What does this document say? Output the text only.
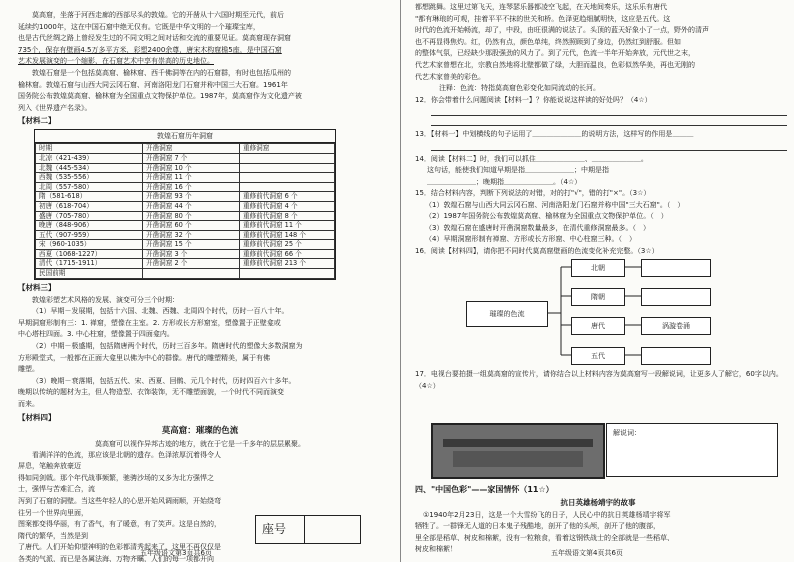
莫高窟，坐落于河西走廊的西部尽头的敦煌。它的开凿从十六国时期至元代，前后
延续约1000年，这在中国石窟中绝无仅有。它既是中华文明的一个璀璨宝库，
也是古代丝绸之路上曾经发生过的不同文明之间对话和交流的重要见证。莫高窟现存洞窟
735个，保存有壁画4.5万多平方米，彩塑2400余尊，唐宋木构窟檐5座，是中国石窟
艺术发展演变的一个缩影，在石窟艺术中享有崇高的历史地位。
敦煌石窟是一个包括莫高窟、榆林窟、西千佛洞等在内的石窟群，有时也包括瓜州的
榆林窟。敦煌石窟与山西大同云冈石窟、河南洛阳龙门石窟并称中国三大石窟。1961年
国务院公布敦煌莫高窟、榆林窟为全国重点文物保护单位。1987年，莫高窟作为文化遗产被
列入《世界遗产名录》。
【材料二】
敦煌石窟历年洞窟
时期	开凿洞窟	重修洞窟
北凉（421-439）	开凿洞窟 7 个	
北魏（445-534）	开凿洞窟 10 个	
西魏（535-556）	开凿洞窟 11 个	
北周（557-580）	开凿洞窟 16 个	
隋（581-618）	开凿洞窟 93 个	重修前代洞窟 6 个
初唐（618-704）	开凿洞窟 44 个	重修前代洞窟 4 个
盛唐（705-780）	开凿洞窟 80 个	重修前代洞窟 8 个
晚唐（848-906）	开凿洞窟 60 个	重修前代洞窟 11 个
五代（907-959）	开凿洞窟 32 个	重修前代洞窟 148 个
宋（960-1035）	开凿洞窟 15 个	重修前代洞窟 25 个
西夏（1068-1227）	开凿洞窟 3 个	重修前代洞窟 66 个
清代（1715-1911）	开凿洞窟 2 个	重修前代洞窟 213 个
民国前期		
【材料三】
敦煌彩塑艺术风格的发展、演变可分三个时期：
（1）早期－发展期，包括十六国、北魏、西魏、北周四个时代，历时一百八十年。
早期洞窟形制有三：1. 禅窟，塑像在主室。2. 方形或长方形窟室，塑像置于正壁龛或
中心塔柱四面。3. 中心柱窟，塑像置于四面龛内。
（2）中期－极盛期，包括隋唐两个时代，历时三百多年。隋唐时代的塑像大多数洞窟为
方形殿堂式，一般都在正面大龛里以佛为中心的群像。唐代的雕塑精美，属于有佛
雕塑。
（3）晚期－衰落期，包括五代、宋、西夏、回鹘、元几个时代，历时四百六十多年。
晚期以传统的题材为主，但人物造型、衣饰装饰，无不雕塑面貌，一个时代不同而演变
而来。
【材料四】
莫高窟：璀璨的色流
莫高窟可以视作异邦古迹的地方，就在于它是一千多年的层层累聚。
看满洋洋的色流，那应该是北朝的遗存。色泽浓厚沉着得令人屏息，笔触奔放豪迈
得如同剑戟。那个年代战事频繁，驰骋沙场的又多为北方强悍之士，强悍与苦难汇合，流
泻到了石窟的洞壁。当这些年轻人的心思开始风调雨顺，开始绕弯往另一个世界向里面，
图案都变得华丽，有了香气，有了暖意，有了笑声。这是自然的，隋代的繁华，当然是到
了唐代。人们开始仰望神明的色彩都清秀起来了，这里不再仅仅是
各类的气派，而已是各属法海、万物齐瞩，人们的每一项都开向
座号
五年级语文第3页共6页
都想跳舞。这里过第飞天，连琴瑟乐器都凌空飞起，在天地间奏乐，这乐乐有唐代
"都有琳琅的可观，挂着平平不抹的世关和桥。色泽更趋细腻明快，这应是五代。这
时代的色流开始畅流，却了，中段，由旺很满的说法了。头顶的蓝天好象小了一点，野外的清声
也不再显得焦灼。红，仍然有点，颜色单纯，终然照顾到了身边，仍然红到舒服。但如
的整体气氛，已经缺少那股强劲的风力了。到了元代，色流一半年开始奔放，元代世之末，
代艺术家曾想在北，宗教自然地将北壁都做了绿，大胆而温良，色彩似然华美，再也无刚的
代艺术家曾美的彩色。
注释：色流：特指莫高窟色彩变化如同流动的长河。
12．你会带着什么问题阅读【材料一】？你能说说这样读的好处吗？（4☆）
13．【材料一】中划横线的句子运用了＿＿＿＿＿＿＿的说明方法，这样写的作用是＿＿＿
14．阅读【材料二】时，我们可以抓住＿＿＿＿＿＿＿、＿＿＿＿＿＿＿。
这句话，能使我们知道早期是指＿＿＿＿＿＿＿；中期是指
＿＿＿＿＿＿＿；晚期指＿＿＿＿＿＿＿。（4☆）
15．结合材料内容，判断下列说法的对错，对的打"√"，错的打"×"。（3☆）
（1）敦煌石窟与山西大同云冈石窟、河南洛阳龙门石窟并称中国"三大石窟"。（　）
（2）1987年国务院公布敦煌莫高窟、榆林窟为全国重点文物保护单位。（　）
（3）敦煌石窟在盛唐时开凿洞窟数量最多，在清代重修洞窟最多。（　）
（4）早期洞窟形制有禅窟、方形或长方形窟、中心柱窟三种。（　）
16．阅读【材料四】，请你把不同时代莫高窟壁画的色流变化补充完整。（3☆）
璀璨的色流
北朝
隋朝
唐代
五代
涡漩卷涌
17．电视台要拍摄一组莫高窟的宣传片，请你结合以上材料内容为莫高窟写一段解说词，让更多人了解它，60字以内。（4☆）
解说词：
四、"中国色彩"——家国情怀（11☆）
抗日英雄杨靖宇的故事
①1940年2月23日，这是一个大雪纷飞的日子，人民心中的抗日英雄杨靖宇将军
牺牲了。一群锋无人道的日本鬼子残酷地，剖开了他的头颅，剖开了他的腹部，
里全部是稻草、树皮和棉絮，没有一粒粮食，看着这钢铁战士的全部就是一些稻草、
树皮和棉絮！	五年级语文第4页共6页
